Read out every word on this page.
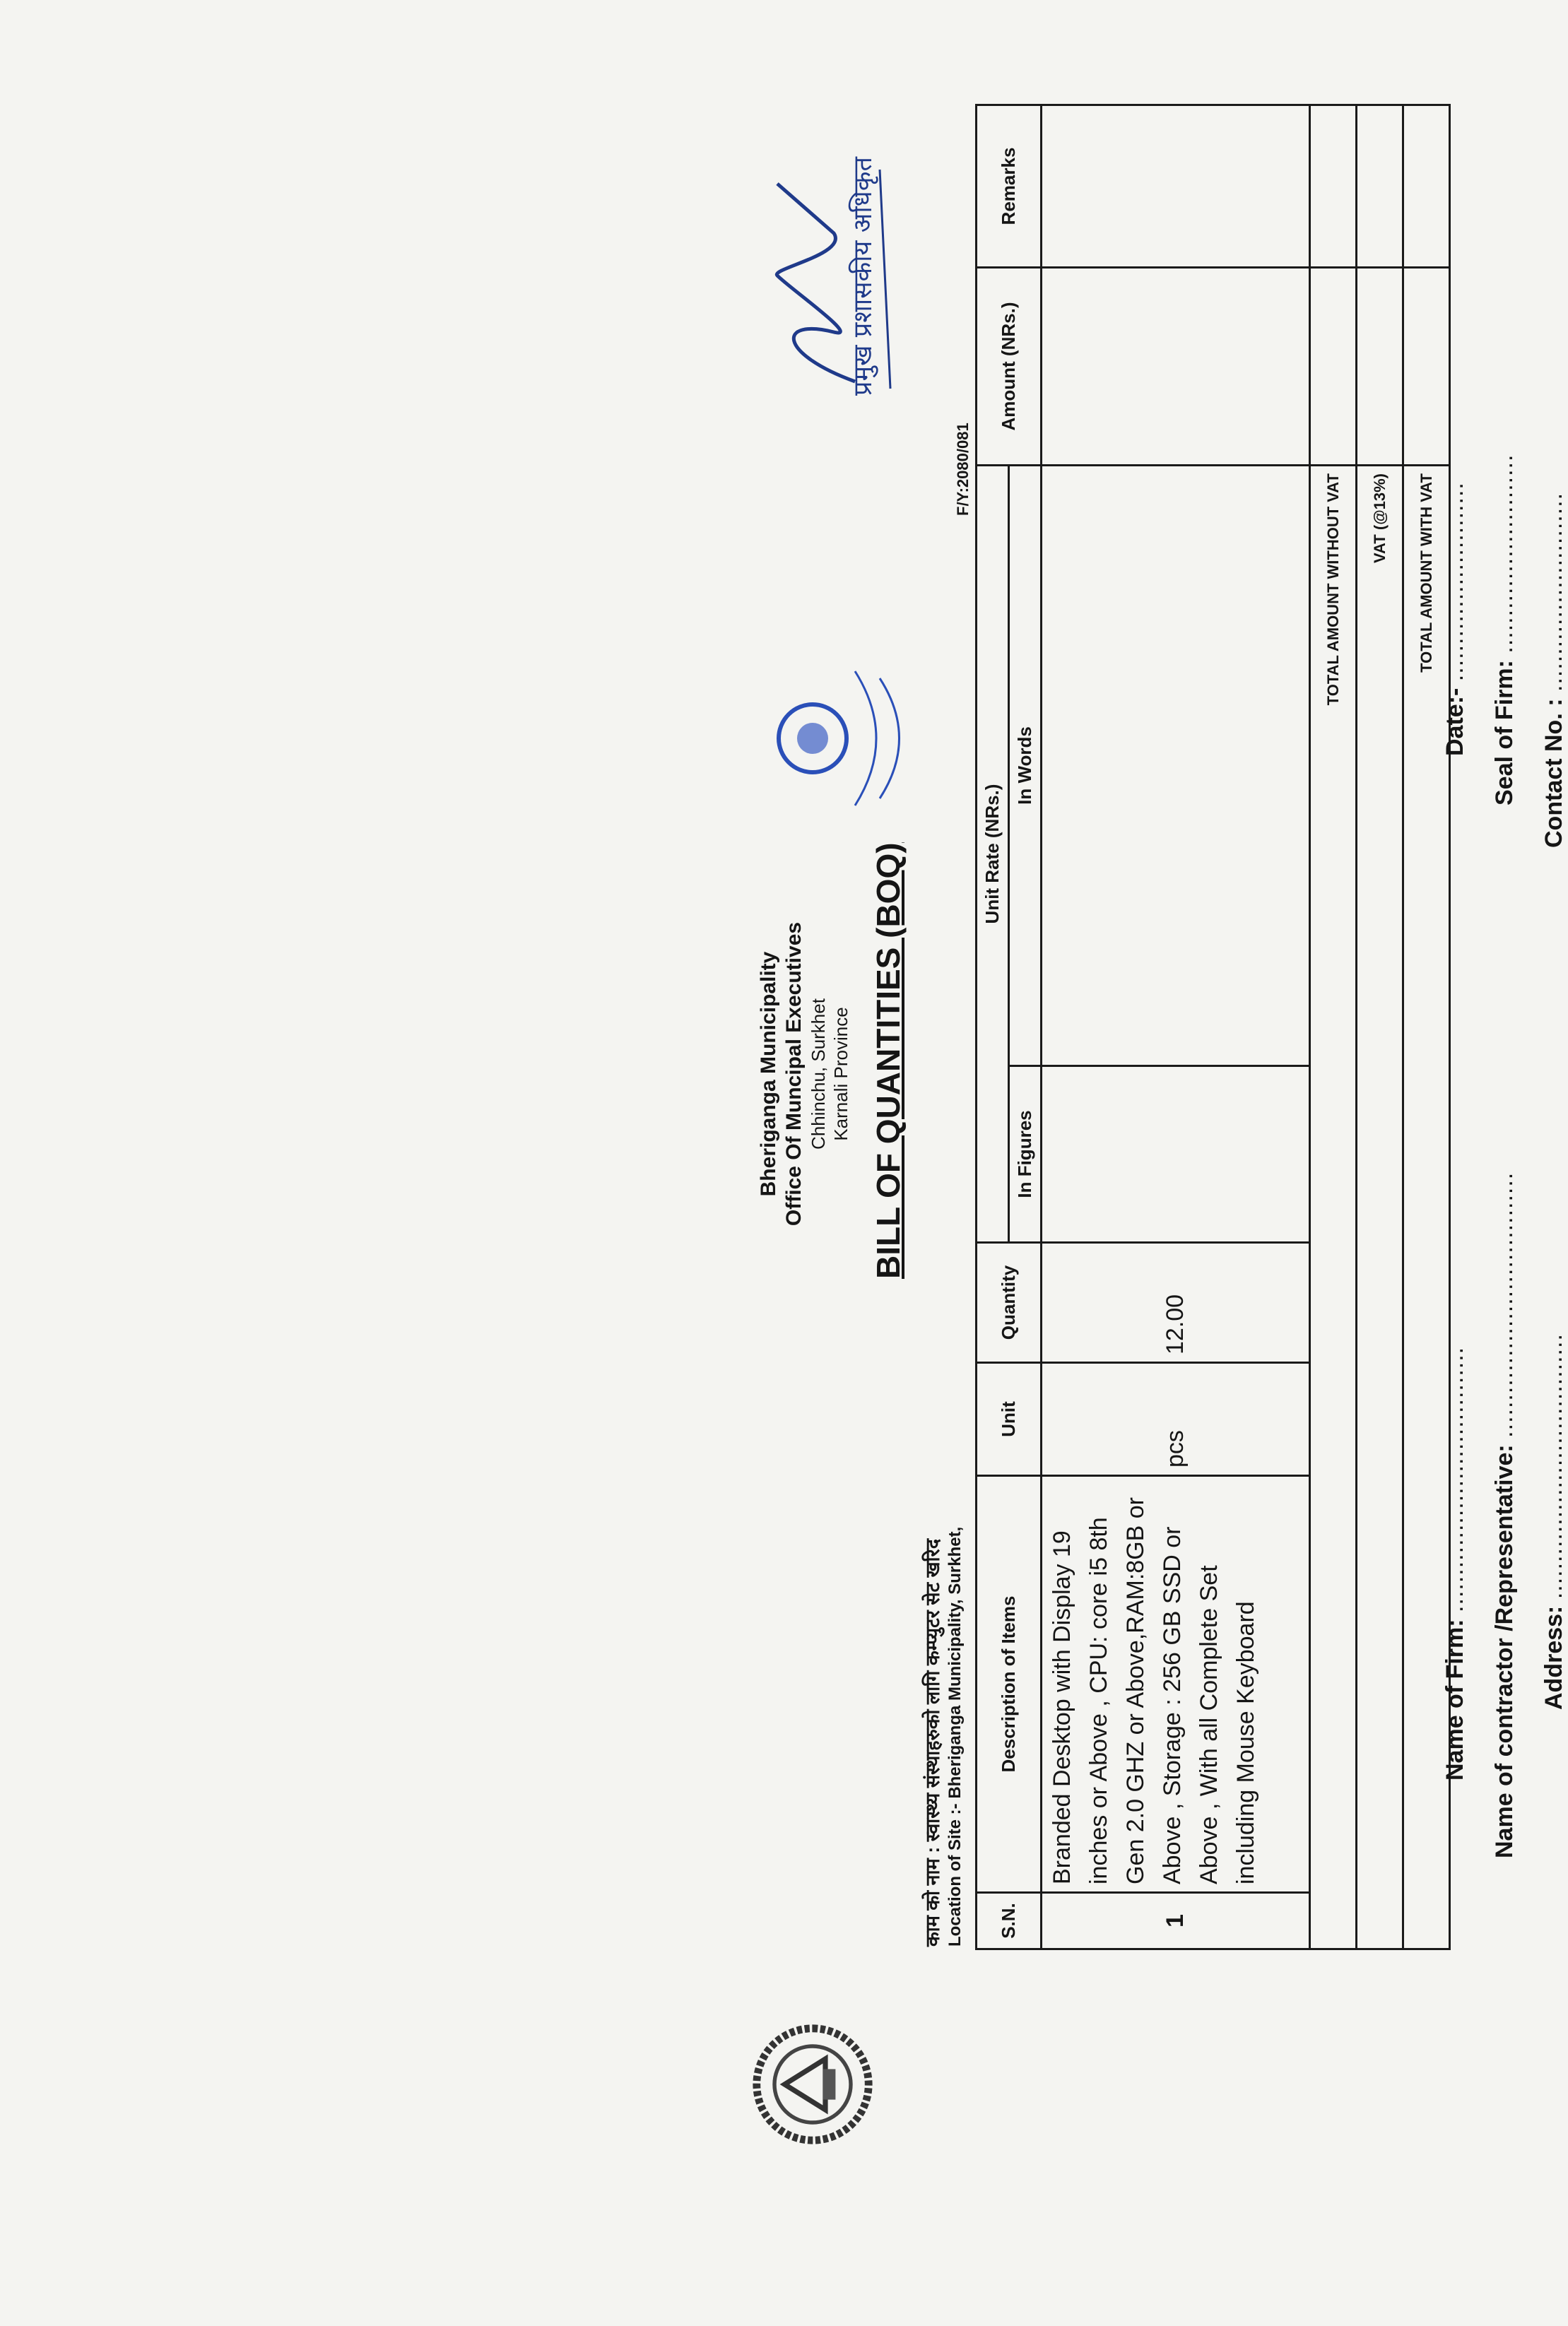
काम को नाम : स्वास्थ्य संस्थाहरुको लागि कम्प्युटर सेट खरिद Location of Site :- Bheriganga Municipality, Surkhet,
Bheriganga Municipality Office Of Muncipal Executives Chhinchu, Surkhet Karnali Province BILL OF QUANTITIES (BOQ)
F/Y:2080/081
प्रमुख प्रशासकीय अधिकृत
S.N.	Description of Items	Unit	Quantity	Unit Rate (NRs.)		Amount (NRs.)	Remarks
				In Figures	In Words		
1	Branded Desktop with Display 19 inches or Above , CPU: core i5 8th Gen 2.0 GHZ or Above,RAM:8GB or Above , Storage : 256 GB SSD or Above , With all Complete Set including Mouse Keyboard	pcs	12.00				
TOTAL AMOUNT WITHOUT VAT							
VAT (@13%)							
TOTAL AMOUNT WITH VAT							
Name of Firm: .................................... Name of contractor /Representative: ....................................
Address: ....................................
Date:- ...........................
Seal of Firm: ...........................
Contact No. : ...........................
